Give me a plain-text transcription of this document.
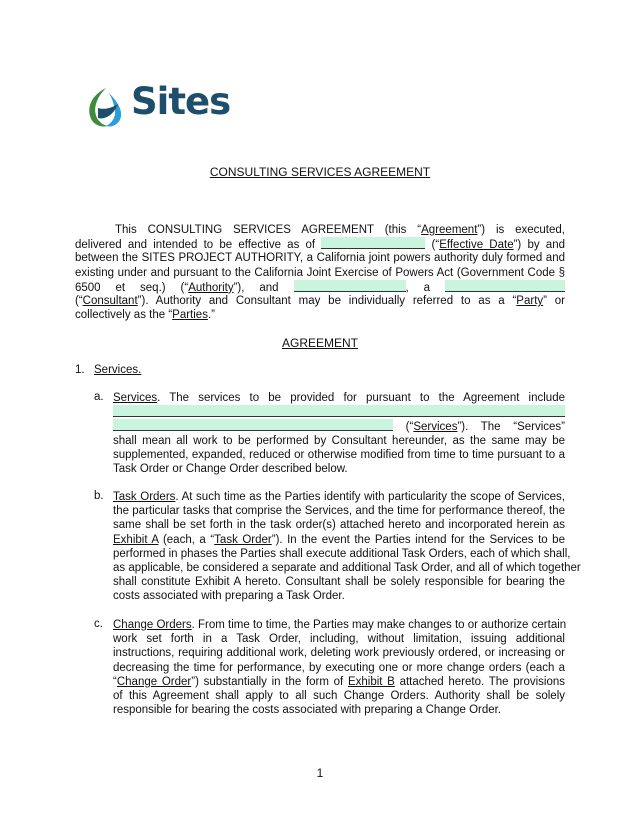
Sites
CONSULTING SERVICES AGREEMENT
This CONSULTING SERVICES AGREEMENT (this “Agreement”) is executed,
delivered and intended to be effective as of	(“Effective Date”) by and
between the SITES PROJECT AUTHORITY, a California joint powers authority duly formed and
existing under and pursuant to the California Joint Exercise of Powers Act (Government Code §
6500 et seq.) (“Authority”), and	, a
(“Consultant”). Authority and Consultant may be individually referred to as a “Party” or
collectively as the “Parties.”
AGREEMENT
1. Services.
a. Services. The services to be provided for pursuant to the Agreement include
(“Services”). The “Services”
shall mean all work to be performed by Consultant hereunder, as the same may be
supplemented, expanded, reduced or otherwise modified from time to time pursuant to a
Task Order or Change Order described below.
b. Task Orders. At such time as the Parties identify with particularity the scope of Services,
the particular tasks that comprise the Services, and the time for performance thereof, the
same shall be set forth in the task order(s) attached hereto and incorporated herein as
Exhibit A (each, a “Task Order”). In the event the Parties intend for the Services to be
performed in phases the Parties shall execute additional Task Orders, each of which shall,
as applicable, be considered a separate and additional Task Order, and all of which together
shall constitute Exhibit A hereto. Consultant shall be solely responsible for bearing the
costs associated with preparing a Task Order.
c. Change Orders. From time to time, the Parties may make changes to or authorize certain
work set forth in a Task Order, including, without limitation, issuing additional
instructions, requiring additional work, deleting work previously ordered, or increasing or
decreasing the time for performance, by executing one or more change orders (each a
“Change Order”) substantially in the form of Exhibit B attached hereto. The provisions
of this Agreement shall apply to all such Change Orders. Authority shall be solely
responsible for bearing the costs associated with preparing a Change Order.
1
